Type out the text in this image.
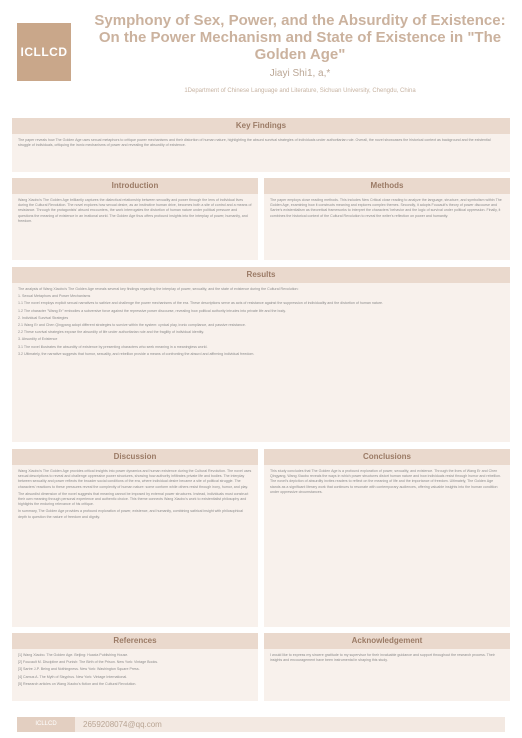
ICLLCD
Symphony of Sex, Power, and the Absurdity of Existence: On the Power Mechanism and State of Existence in "The Golden Age"
Jiayi Shi1, a,*
1Department of Chinese Language and Literature, Sichuan University, Chengdu, China
Key Findings

The paper reveals how The Golden Age uses sexual metaphors to critique power mechanisms and their distortion of human nature, highlighting the absurd survival strategies of individuals under authoritarian rule. Overall, the novel showcases the historical context as background and the existential struggle of individuals, critiquing the ironic mechanisms of power and revealing the absurdity of existence.

Introduction

Wang Xiaobo's The Golden Age brilliantly captures the dialectical relationship between sexuality and power through the lens of individual lives during the Cultural Revolution. The novel explores how sexual desire, as an instinctive human drive, becomes both a site of control and a means of resistance. Through the protagonists' absurd encounters, the work interrogates the distortion of human nature under political pressure and questions the meaning of existence in an irrational world. The Golden Age thus offers profound insights into the interplay of power, humanity, and freedom.

Methods

The paper employs close reading methods. This includes New Critical close reading to analyze the language, structure, and symbolism within The Golden Age, examining how it constructs meaning and explores complex themes. Secondly, it adopts Foucault's theory of power discourse and Sartre's existentialism as theoretical frameworks to interpret the characters' behavior and the logic of survival under political oppression. Finally, it combines the historical context of the Cultural Revolution to reveal the writer's reflection on power and humanity.

Results

The analysis of Wang Xiaobo's The Golden Age reveals several key findings regarding the interplay of power, sexuality, and the state of existence during the Cultural Revolution:

1. Sexual Metaphors and Power Mechanisms

1.1 The novel employs explicit sexual narratives to satirize and challenge the power mechanisms of the era. These descriptions serve as acts of resistance against the suppression of individuality and the distortion of human nature.

1.2 The character "Wang Er" embodies a subversive force against the repressive power discourse, revealing how political authority intrudes into private life and the body.

2. Individual Survival Strategies

2.1 Wang Er and Chen Qingyang adopt different strategies to survive within the system: cynical play, ironic compliance, and passive resistance.

2.2 These survival strategies expose the absurdity of life under authoritarian rule and the fragility of individual identity.

3. Absurdity of Existence

3.1 The novel illustrates the absurdity of existence by presenting characters who seek meaning in a meaningless world.

3.2 Ultimately, the narrative suggests that humor, sexuality, and rebellion provide a means of confronting the absurd and affirming individual freedom.

Discussion

Wang Xiaobo's The Golden Age provides critical insights into power dynamics and human existence during the Cultural Revolution. The novel uses sexual descriptions to reveal and challenge oppressive power structures, showing how authority infiltrates private life and bodies. The interplay between sexuality and power reflects the broader social conditions of the era, where individual desire became a site of political struggle. The characters' reactions to these pressures reveal the complexity of human nature: some conform while others resist through irony, humor, and play.

The absurdist dimension of the novel suggests that meaning cannot be imposed by external power structures. Instead, individuals must construct their own meaning through personal experience and authentic choice. This theme connects Wang Xiaobo's work to existentialist philosophy and highlights the enduring relevance of his critique.

In summary, The Golden Age provides a profound exploration of power, existence, and humanity, combining satirical insight with philosophical depth to question the nature of freedom and dignity.

Conclusions

This study concludes that The Golden Age is a profound exploration of power, sexuality, and existence. Through the lives of Wang Er and Chen Qingyang, Wang Xiaobo reveals the ways in which power structures distort human nature and how individuals resist through humor and rebellion. The novel's depiction of absurdity invites readers to reflect on the meaning of life and the importance of freedom. Ultimately, The Golden Age stands as a significant literary work that continues to resonate with contemporary audiences, offering valuable insights into the human condition under oppressive circumstances.

References

[1] Wang Xiaobo. The Golden Age. Beijing: Huaxia Publishing House.

[2] Foucault M. Discipline and Punish: The Birth of the Prison. New York: Vintage Books.

[3] Sartre J-P. Being and Nothingness. New York: Washington Square Press.

[4] Camus A. The Myth of Sisyphus. New York: Vintage International.

[5] Research articles on Wang Xiaobo's fiction and the Cultural Revolution.

Acknowledgement

I would like to express my sincere gratitude to my supervisor for their invaluable guidance and support throughout the research process. Their insights and encouragement have been instrumental in shaping this study.

ICLLCD	2659208074@qq.com
